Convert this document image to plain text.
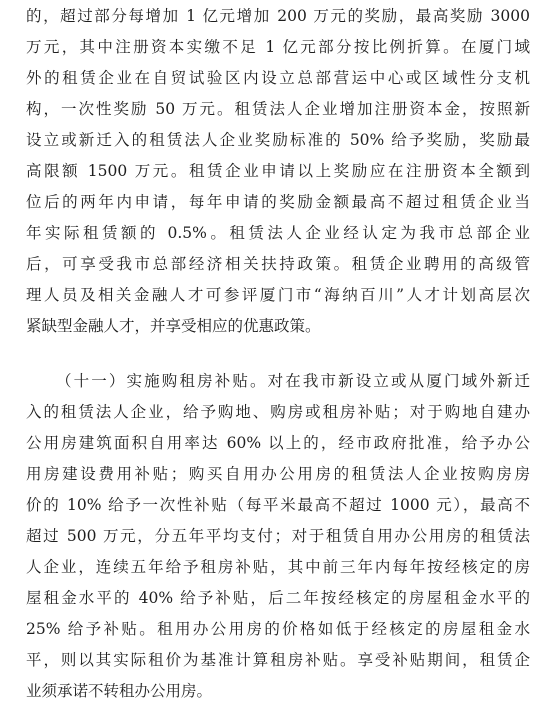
的，超过部分每增加 1 亿元增加 200 万元的奖励，最高奖励 3000
万元，其中注册资本实缴不足 1 亿元部分按比例折算。在厦门域
外的租赁企业在自贸试验区内设立总部营运中心或区域性分支机
构，一次性奖励 50 万元。租赁法人企业增加注册资本金，按照新
设立或新迁入的租赁法人企业奖励标准的 50% 给予奖励，奖励最
高限额 1500 万元。租赁企业申请以上奖励应在注册资本全额到
位后的两年内申请，每年申请的奖励金额最高不超过租赁企业当
年实际租赁额的 0.5%。租赁法人企业经认定为我市总部企业
后，可享受我市总部经济相关扶持政策。租赁企业聘用的高级管
理人员及相关金融人才可参评厦门市“海纳百川”人才计划高层次
紧缺型金融人才，并享受相应的优惠政策。
（十一）实施购租房补贴。对在我市新设立或从厦门域外新迁
入的租赁法人企业，给予购地、购房或租房补贴；对于购地自建办
公用房建筑面积自用率达 60% 以上的，经市政府批准，给予办公
用房建设费用补贴；购买自用办公用房的租赁法人企业按购房房
价的 10% 给予一次性补贴（每平米最高不超过 1000 元），最高不
超过 500 万元，分五年平均支付；对于租赁自用办公用房的租赁法
人企业，连续五年给予租房补贴，其中前三年内每年按经核定的房
屋租金水平的 40% 给予补贴，后二年按经核定的房屋租金水平的
25% 给予补贴。租用办公用房的价格如低于经核定的房屋租金水
平，则以其实际租价为基准计算租房补贴。享受补贴期间，租赁企
业须承诺不转租办公用房。
